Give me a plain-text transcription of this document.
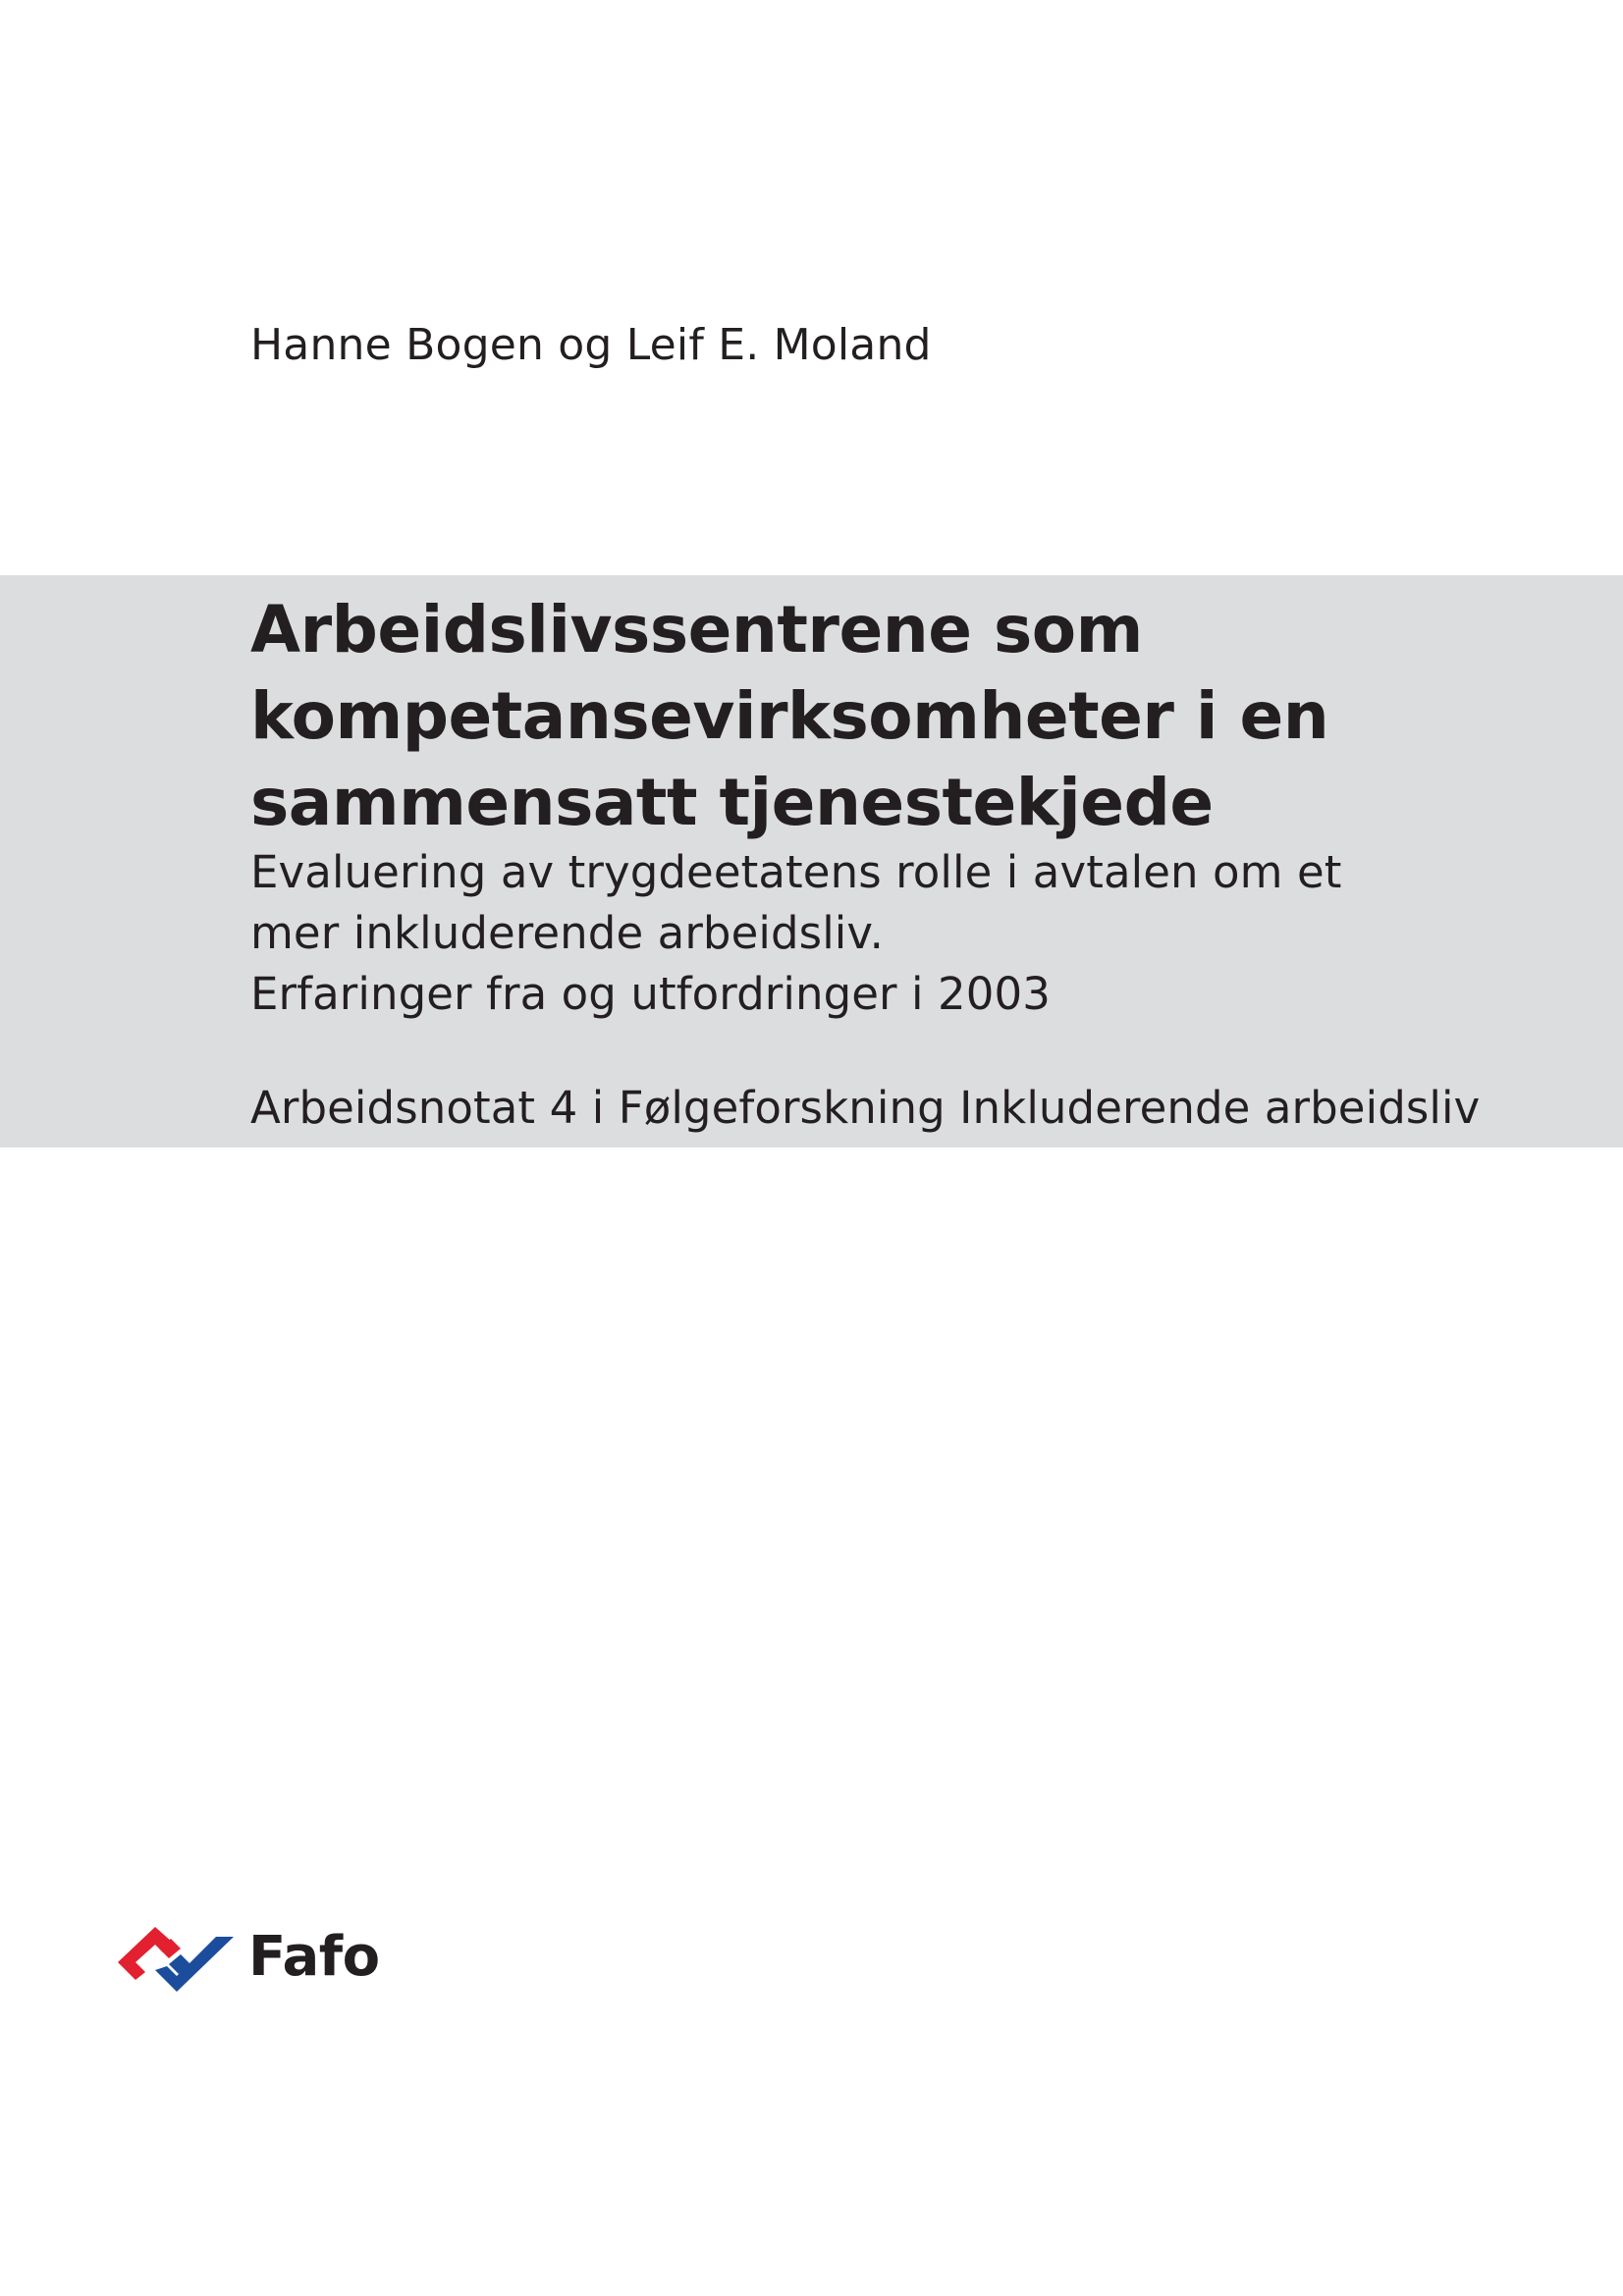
Hanne Bogen og Leif E. Moland
Arbeidslivssentrene som
kompetansevirksomheter i en
sammensatt tjenestekjede
Evaluering av trygdeetatens rolle i avtalen om et
mer inkluderende arbeidsliv.
Erfaringer fra og utfordringer i 2003
Arbeidsnotat 4 i Følgeforskning Inkluderende arbeidsliv
Fafo
